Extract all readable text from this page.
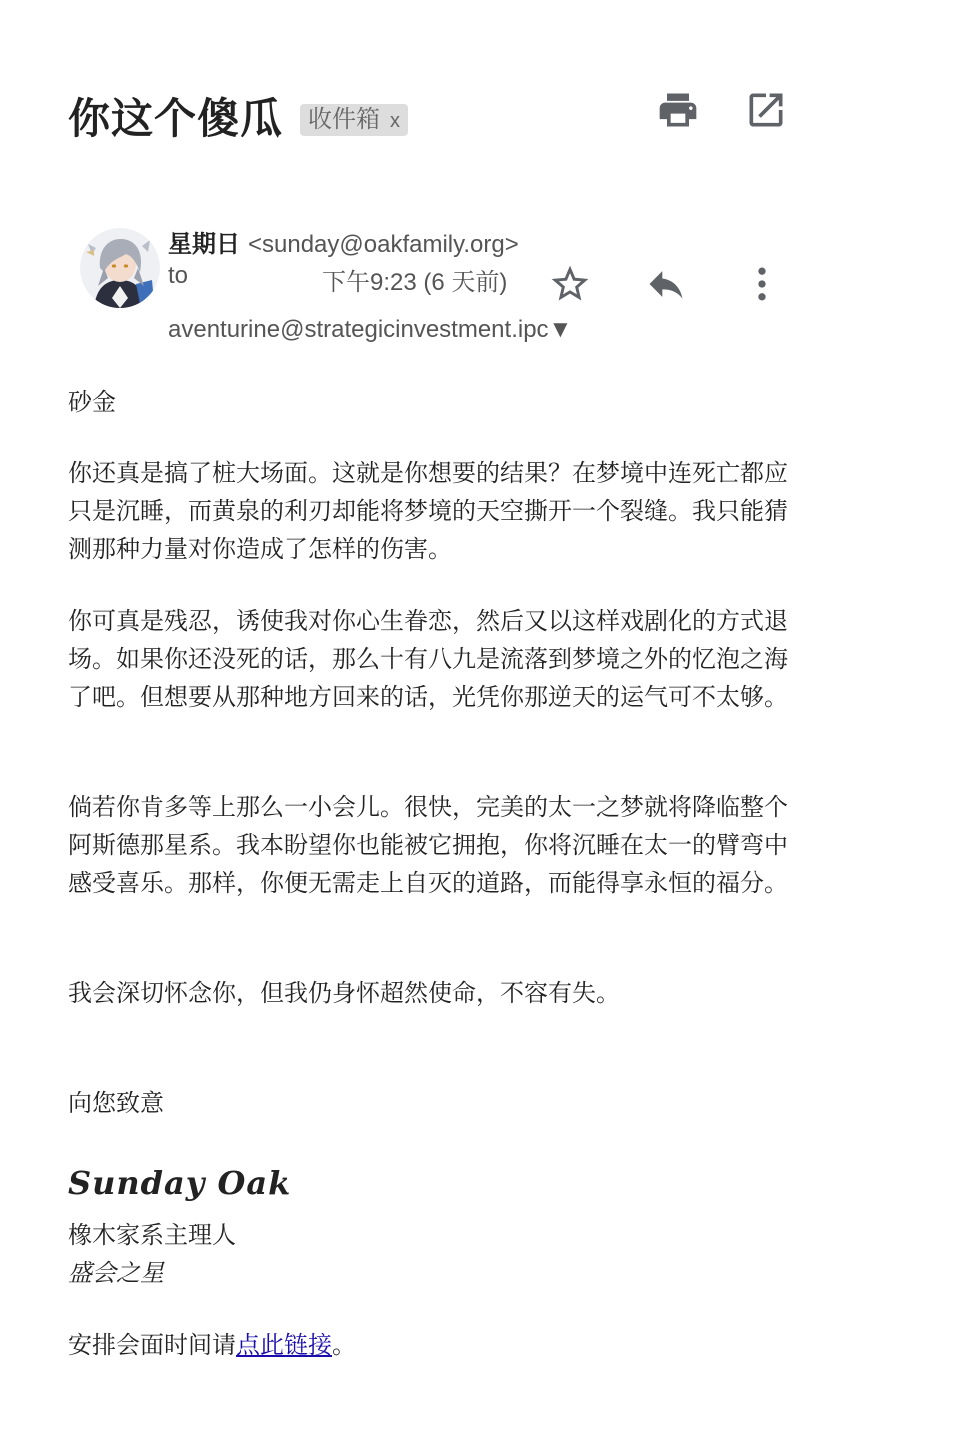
你这个傻瓜	收件箱 x
星期日 <sunday@oakfamily.org>
to	下午9:23 (6 天前)
aventurine@strategicinvestment.ipc▼

砂金

你还真是搞了桩大场面。这就是你想要的结果？在梦境中连死亡都应只是沉睡，而黄泉的利刃却能将梦境的天空撕开一个裂缝。我只能猜测那种力量对你造成了怎样的伤害。

你可真是残忍，诱使我对你心生眷恋，然后又以这样戏剧化的方式退场。如果你还没死的话，那么十有八九是流落到梦境之外的忆泡之海了吧。但想要从那种地方回来的话，光凭你那逆天的运气可不太够。

倘若你肯多等上那么一小会儿。很快，完美的太一之梦就将降临整个阿斯德那星系。我本盼望你也能被它拥抱，你将沉睡在太一的臂弯中感受喜乐。那样，你便无需走上自灭的道路，而能得享永恒的福分。

我会深切怀念你，但我仍身怀超然使命，不容有失。

向您致意

Sunday Oak
橡木家系主理人
盛会之星
安排会面时间请点此链接。
